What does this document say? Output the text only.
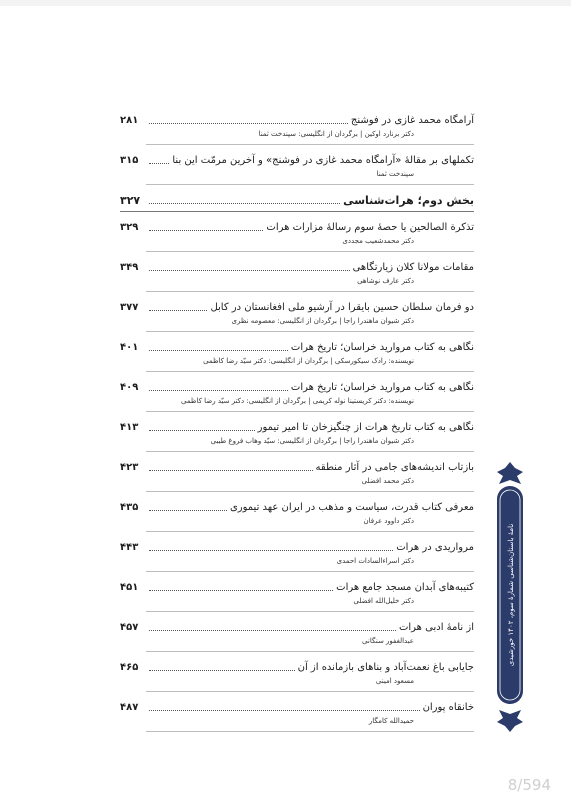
آرامگاه محمد غازی در فوشنج
۲۸۱
دکتر برنارد اوکین | برگردان از انگلیسی: سپندخت ثمنا
تکملهای بر مقالهٔ «آرامگاه محمد غازی در فوشنج» و آخرین مرمّت این بنا
۳۱۵
سپندخت ثمنا
بخش دوم؛ هرات‌شناسی
۳۲۷
تذکرة الصالحین یا حصهٔ سوم رسالهٔ مزارات هرات
۳۲۹
دکتر محمدشعیب مجددی
مقامات مولانا کلان زیارتگاهی
۳۴۹
دکتر عارف نوشاهی
دو فرمان سلطان حسین بایقرا در آرشیو ملی افغانستان در کابل
۳۷۷
دکتر شیوان ماهندرا راجا | برگردان از انگلیسی: معصومه نظری
نگاهی به کتاب مروارید خراسان؛ تاریخ هرات
۴۰۱
نویسنده: رادک سیکورسکی | برگردان از انگلیسی: دکتر سیّد رضا کاظمی
نگاهی به کتاب مروارید خراسان؛ تاریخ هرات
۴۰۹
نویسنده: دکتر کریستینا نوله کریمی | برگردان از انگلیسی: دکتر سیّد رضا کاظمی
نگاهی به کتاب تاریخ هرات از چنگیزخان تا امیر تیمور
۴۱۳
دکتر شیوان ماهندرا راجا | برگردان از انگلیسی: سیّد وهاب فروغ طیبی
بازتاب اندیشه‌های جامی در آثار منطقه
۴۲۳
دکتر محمد افضلی
معرفی کتاب قدرت، سیاست و مذهب در ایران عهد تیموری
۴۳۵
دکتر داوود عرفان
مرواریدی در هرات
۴۴۳
دکتر اسراءالسادات احمدی
کتیبه‌های آبدان مسجد جامع هرات
۴۵۱
دکتر خلیل‌الله افضلی
از نامهٔ ادبی هرات
۴۵۷
عبدالغفور سنگانی
جایابی باغ نعمت‌آباد و بناهای بازمانده از آن
۴۶۵
مسعود امینی
خانقاه پوران
۴۸۷
حمیدالله کامگار
نامهٔ باستان‌شناسی شمارهٔ سوم، ۱۴۰۲ خورشیدی
8/594
